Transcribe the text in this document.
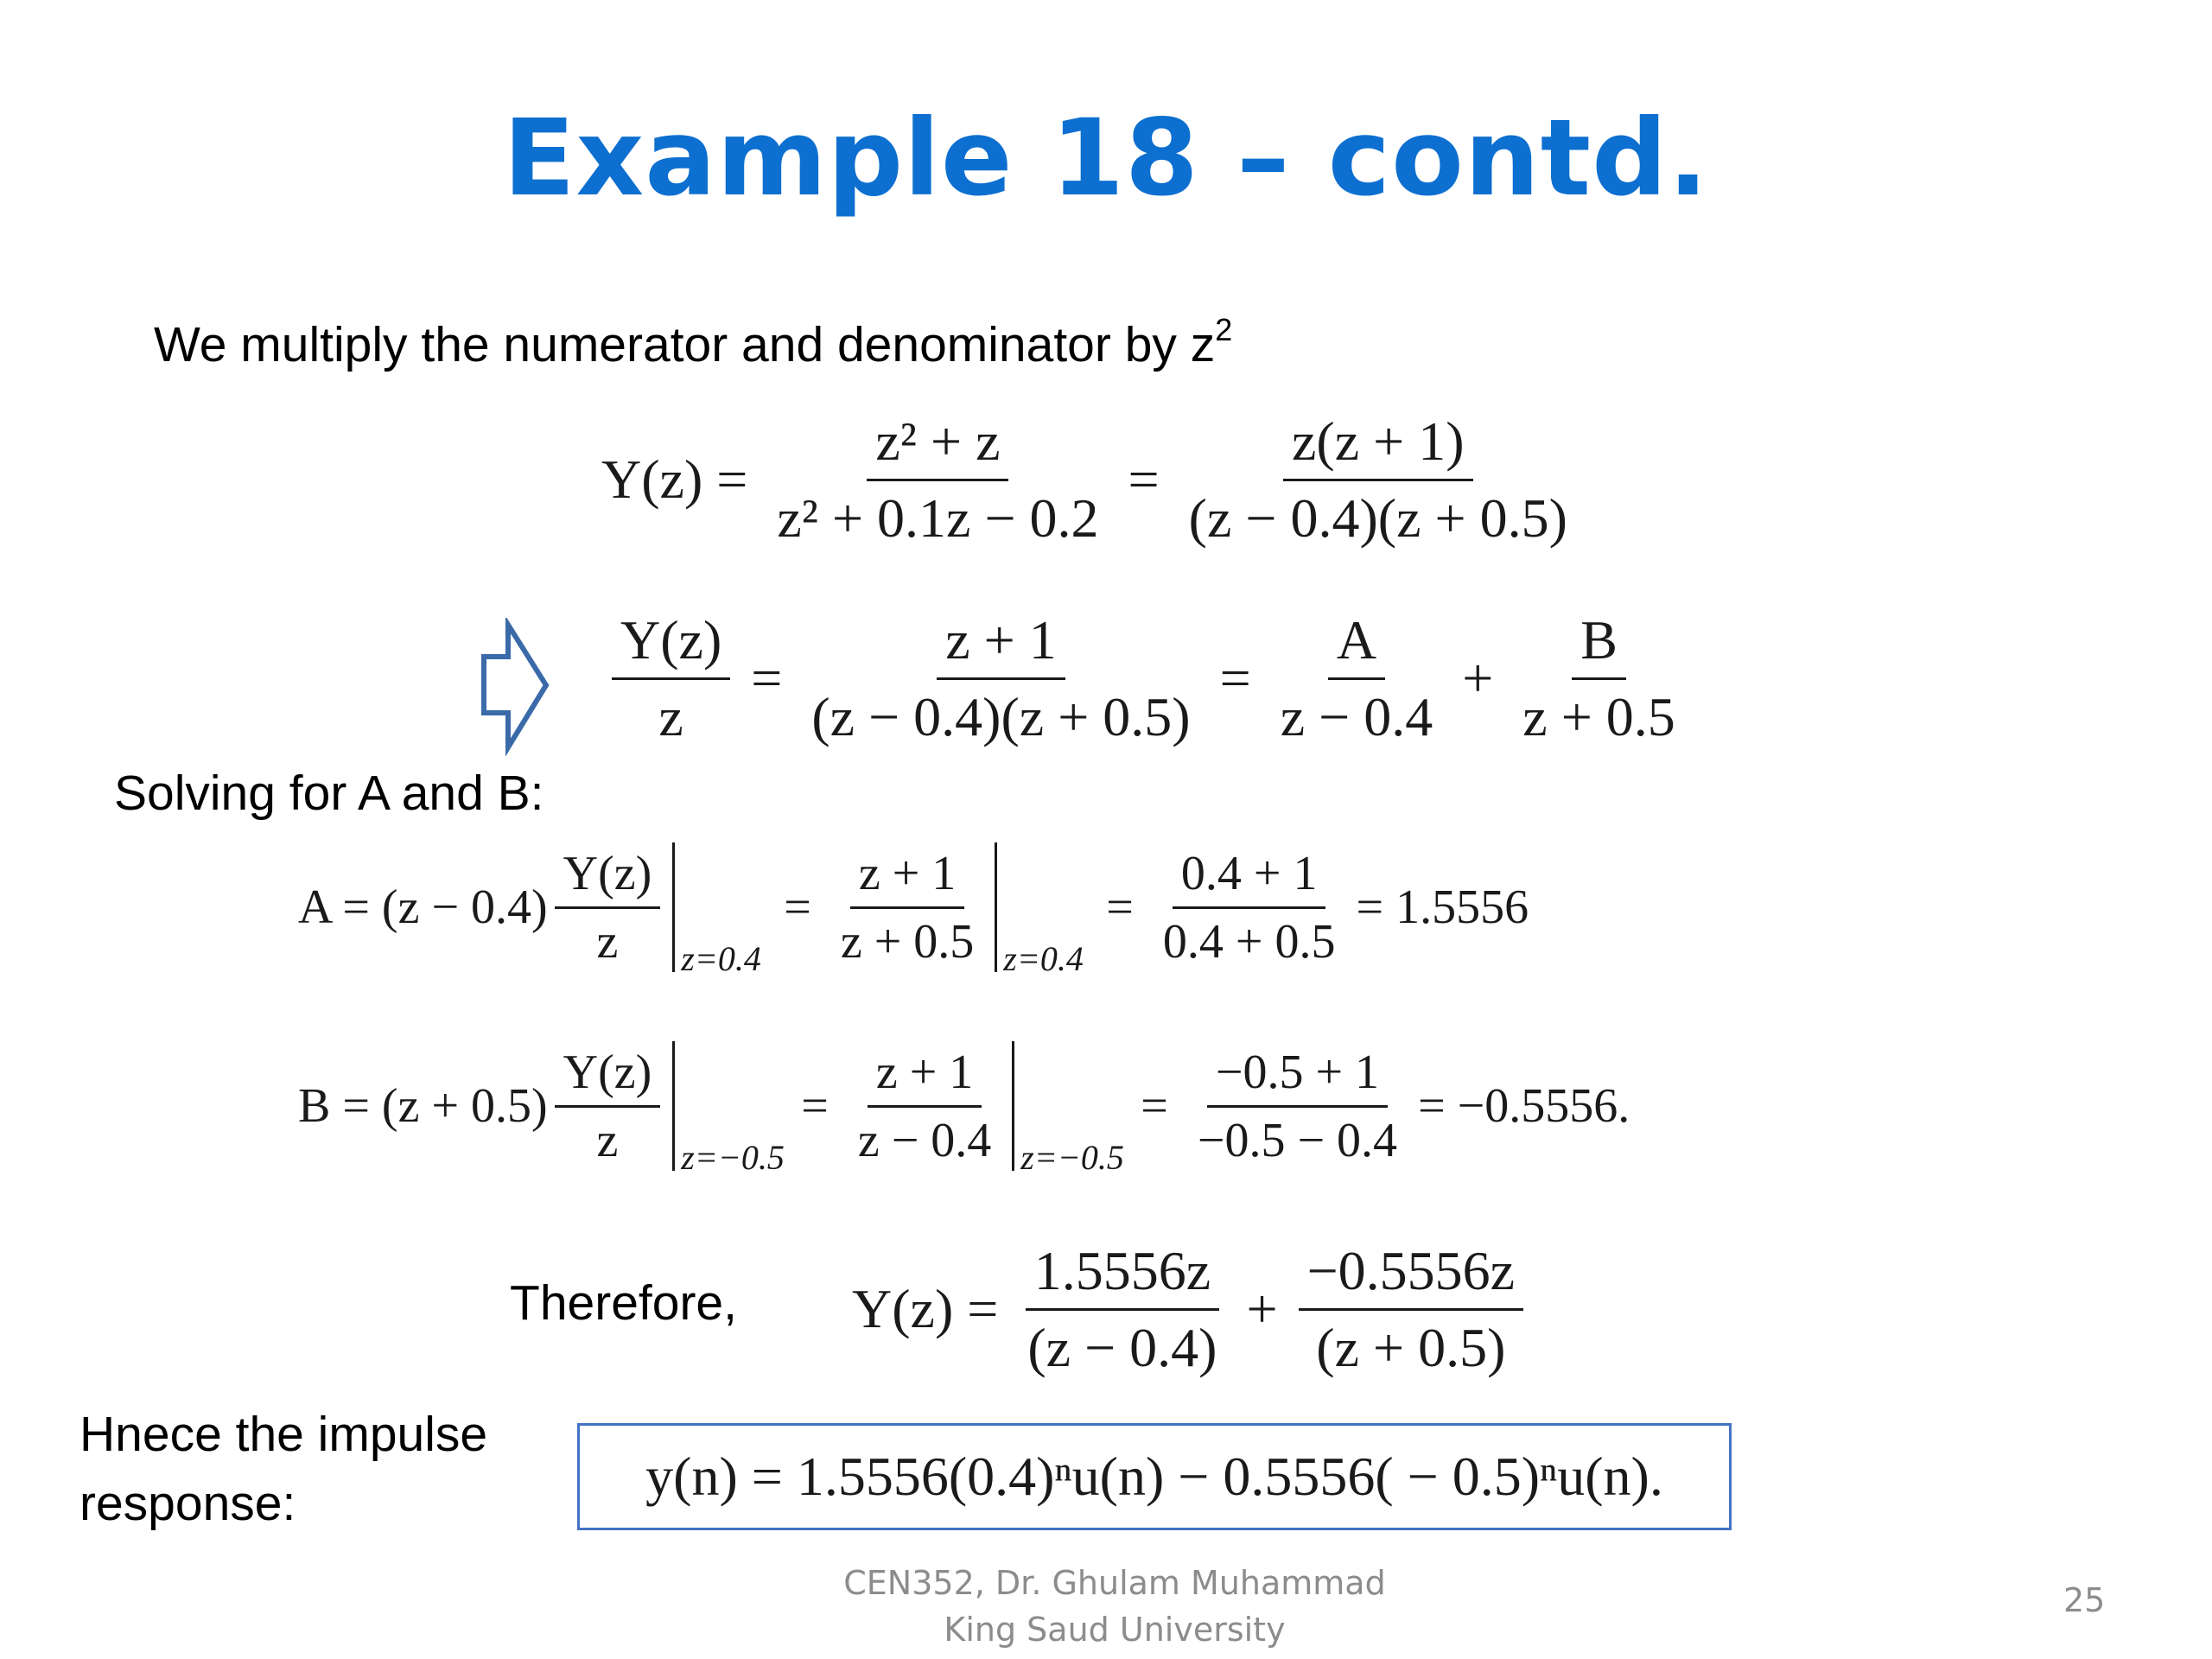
Example 18 – contd.
We multiply the numerator and denominator by $z^2$
$Y(z) = \frac{\text{z² + z}}{\text{z² + 0.1z − 0.2}} = \frac{z(z + 1)}{(z - 0.4)(z + 0.5)}$
$\frac{Y(z)}{z} = \frac{z + 1}{(z - 0.4)(z + 0.5)} = \frac{A}{z - 0.4} + \frac{B}{z + 0.5}$
Solving for A and B:
$A = (z - 0.4) \frac{Y(z)}{z} z=0.4$
= $\frac{z + 1}{z + 0.5} z=0.4$
= $\frac{0.4 + 1}{0.4 + 0.5} = 1.5556$
$B = (z + 0.5) \frac{Y(z)}{z} z=-0.5$
= $\frac{z + 1}{z - 0.4} z=-0.5$
= $\frac{-0.5 + 1}{-0.5 - 0.4} = -0.5556$.
Therefore, $Y(z) = \frac{1.5556z}{(z - 0.4)} + \frac{-0.5556z}{(z + 0.5)}$
Hnece the impulse
response:	y(n) = 1.5556(0.4)ⁿu(n) − 0.5556( − 0.5)ⁿu(n).
CEN352, Dr. Ghulam Muhammad
King Saud University
25
